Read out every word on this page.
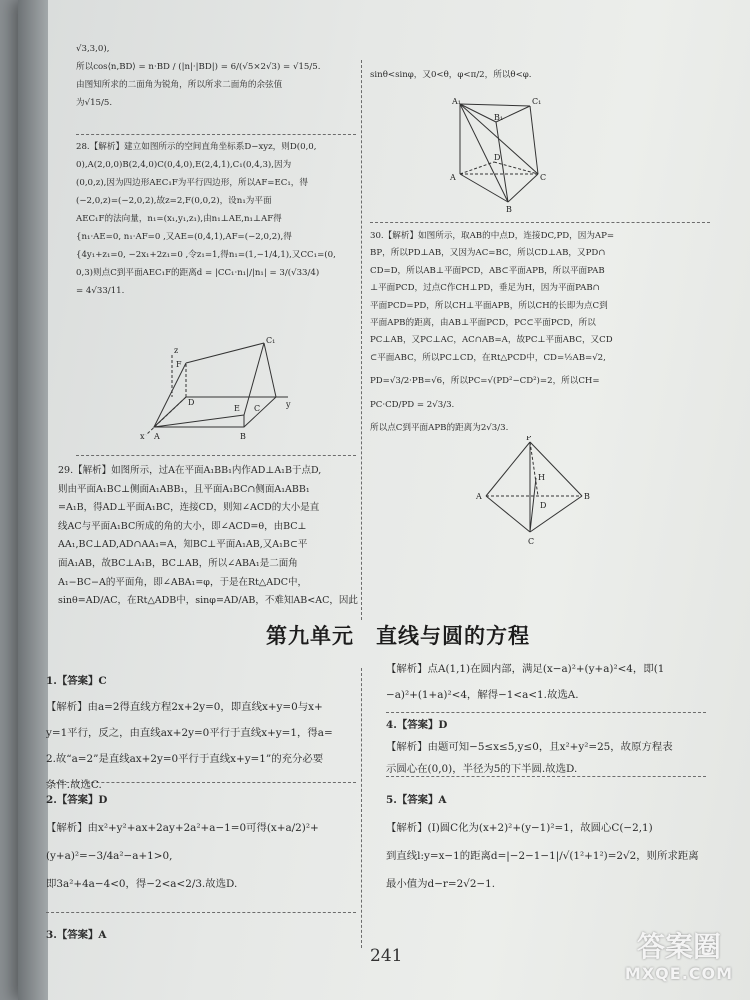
√3,3,0),

所以cos⟨n,BD⟩ = n·BD / (|n|·|BD|) = 6/(√5×2√3) = √15/5.

由图知所求的二面角为锐角，所以所求二面角的余弦值

为√15/5.

28.【解析】建立如图所示的空间直角坐标系D−xyz，则D(0,0,

0),A(2,0,0)B(2,4,0)C(0,4,0),E(2,4,1),C₁(0,4,3),因为

(0,0,z),因为四边形AEC₁F为平行四边形，所以AF=EC₁，得

(−2,0,z)=(−2,0,2),故z=2,F(0,0,2)，设n₁为平面

AEC₁F的法向量，n₁=(x₁,y₁,z₁),由n₁⊥AE,n₁⊥AF得

{n₁·AE=0, n₁·AF=0 ,又AE=(0,4,1),AF=(−2,0,2),得

{4y₁+z₁=0, −2x₁+2z₁=0 ,令z₁=1,得n₁=(1,−1/4,1),又CC₁=(0,

0,3)则点C到平面AEC₁F的距离d = |CC₁·n₁|/|n₁| = 3/(√33/4)

= 4√33/11.

C₁
F
z
D
E C	y
x A	B

29.【解析】如图所示，过A在平面A₁BB₁内作AD⊥A₁B于点D,

则由平面A₁BC⊥侧面A₁ABB₁，且平面A₁BC∩侧面A₁ABB₁

=A₁B，得AD⊥平面A₁BC，连接CD，则知∠ACD的大小是直

线AC与平面A₁BC所成的角的大小，即∠ACD=θ，由BC⊥

AA₁,BC⊥AD,AD∩AA₁=A，知BC⊥平面A₁AB,又A₁B⊂平

面A₁AB，故BC⊥A₁B，BC⊥AB，所以∠ABA₁是二面角

A₁−BC−A的平面角，即∠ABA₁=φ，于是在Rt△ADC中，

sinθ=AD/AC，在Rt△ADB中，sinφ=AD/AB，不难知AB<AC，因此

sinθ<sinφ，又0<θ，φ<π/2，所以θ<φ.

A₁	C₁
B₁
D
A	C
B

30.【解析】如图所示，取AB的中点D，连接DC,PD，因为AP=

BP，所以PD⊥AB，又因为AC=BC，所以CD⊥AB，又PD∩

CD=D，所以AB⊥平面PCD，AB⊂平面APB，所以平面PAB

⊥平面PCD，过点C作CH⊥PD，垂足为H，因为平面PAB∩

平面PCD=PD，所以CH⊥平面APB，所以CH的长即为点C到

平面APB的距离，由AB⊥平面PCD，PC⊂平面PCD，所以

PC⊥AB，又PC⊥AC，AC∩AB=A，故PC⊥平面ABC，又CD

⊂平面ABC，所以PC⊥CD，在Rt△PCD中，CD=½AB=√2,

PD=√3/2·PB=√6，所以PC=√(PD²−CD²)=2，所以CH=

PC·CD/PD = 2√3/3.

所以点C到平面APB的距离为2√3/3.

P
H
A
D
B
C
第九单元　直线与圆的方程

1.【答案】C

【解析】由a=2得直线方程2x+2y=0，即直线x+y=0与x+

y=1平行，反之，由直线ax+2y=0平行于直线x+y=1，得a=

2.故“a=2”是直线ax+2y=0平行于直线x+y=1”的充分必要

条件.故选C.

2.【答案】D

【解析】由x²+y²+ax+2ay+2a²+a−1=0可得(x+a/2)²+

(y+a)²=−3/4a²−a+1>0,

即3a²+4a−4<0，得−2<a<2/3.故选D.

3.【答案】A

【解析】点A(1,1)在圆内部，满足(x−a)²+(y+a)²<4，即(1

−a)²+(1+a)²<4，解得−1<a<1.故选A.

4.【答案】D

【解析】由题可知−5≤x≤5,y≤0，且x²+y²=25，故原方程表

示圆心在(0,0)，半径为5的下半圆.故选D.

5.【答案】A

【解析】(Ⅰ)圆C化为(x+2)²+(y−1)²=1，故圆心C(−2,1)

到直线l:y=x−1的距离d=|−2−1−1|/√(1²+1²)=2√2，则所求距离

最小值为d−r=2√2−1.

241	答案圈
MXQE.COM
